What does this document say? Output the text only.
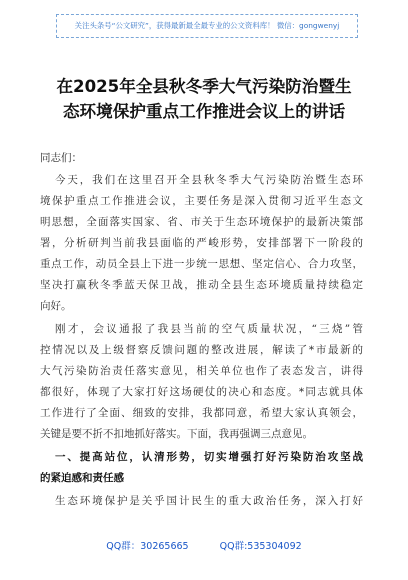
关注头条号“公文研究”，获得最新最全最专业的公文资料库！ 微信：gongwenyj
在2025年全县秋冬季大气污染防治暨生
态环境保护重点工作推进会议上的讲话
同志们：
今天，我们在这里召开全县秋冬季大气污染防治暨生态环
境保护重点工作推进会议，主要任务是深入贯彻习近平生态文
明思想，全面落实国家、省、市关于生态环境保护的最新决策部
署，分析研判当前我县面临的严峻形势，安排部署下一阶段的
重点工作，动员全县上下进一步统一思想、坚定信心、合力攻坚，
坚决打赢秋冬季蓝天保卫战，推动全县生态环境质量持续稳定
向好。
刚才，会议通报了我县当前的空气质量状况，“三烧”管
控情况以及上级督察反馈问题的整改进展，解读了*市最新的
大气污染防治责任落实意见，相关单位也作了表态发言，讲得
都很好，体现了大家打好这场硬仗的决心和态度。*同志就具体
工作进行了全面、细致的安排，我都同意，希望大家认真领会，
关键是要不折不扣地抓好落实。下面，我再强调三点意见。
一、提高站位，认清形势，切实增强打好污染防治攻坚战
的紧迫感和责任感
生态环境保护是关乎国计民生的重大政治任务，深入打好
QQ群：30265665	QQ群:535304092
